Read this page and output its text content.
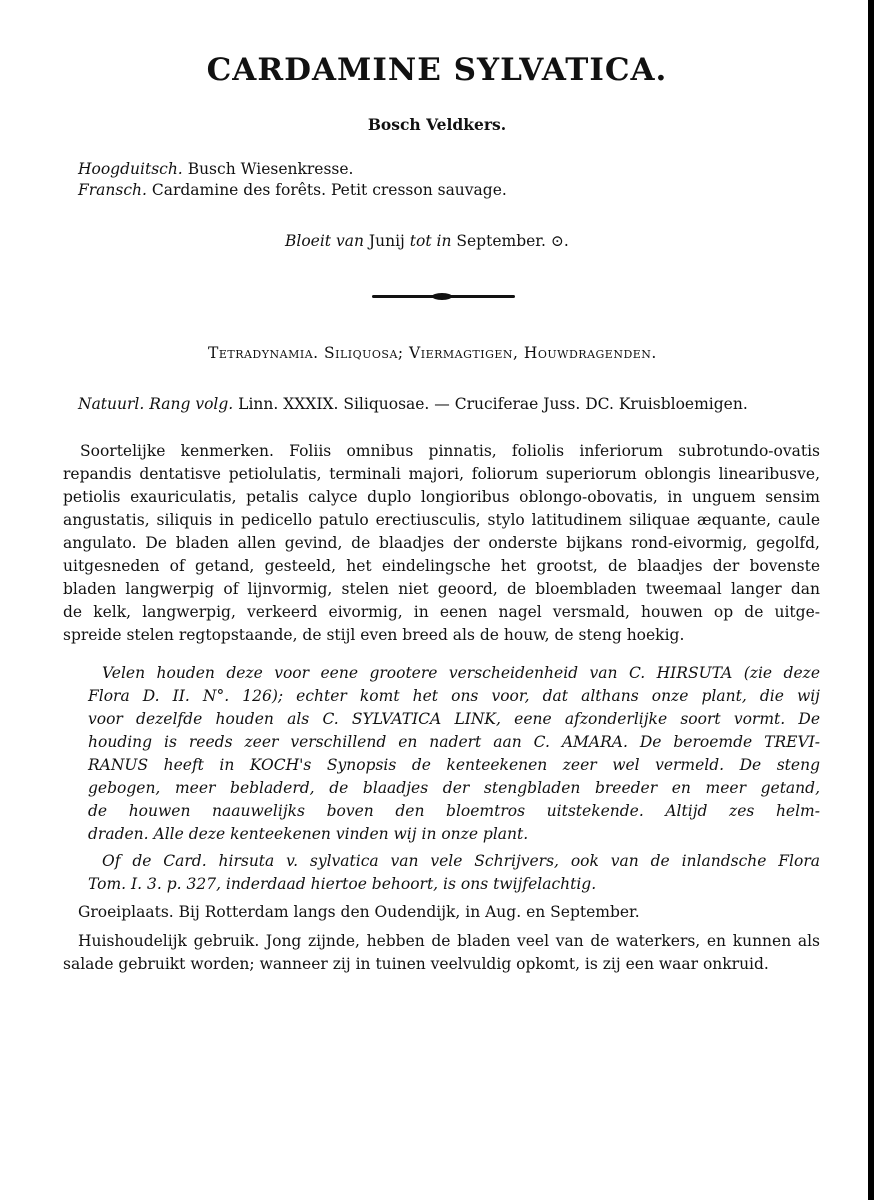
CARDAMINE SYLVATICA.
Bosch Veldkers.
Hoogduitsch. Busch Wiesenkresse.
Fransch. Cardamine des forêts. Petit cresson sauvage.
Bloeit van Junij tot in September. ⊙.
Tetradynamia. Siliquosa; Viermagtigen, Houwdragenden.
Natuurl. Rang volg. Linn. XXXIX. Siliquosae. — Cruciferae Juss. DC. Kruisbloemigen.
Soortelijke kenmerken. Foliis omnibus pinnatis, foliolis inferiorum subrotundo-ovatis
repandis dentatisve petiolulatis, terminali majori, foliorum superiorum oblongis linearibusve,
petiolis exauriculatis, petalis calyce duplo longioribus oblongo-obovatis, in unguem sensim
angustatis, siliquis in pedicello patulo erectiusculis, stylo latitudinem siliquae æquante, caule
angulato. De bladen allen gevind, de blaadjes der onderste bijkans rond-eivormig, gegolfd,
uitgesneden of getand, gesteeld, het eindelingsche het grootst, de blaadjes der bovenste
bladen langwerpig of lijnvormig, stelen niet geoord, de bloembladen tweemaal langer dan
de kelk, langwerpig, verkeerd eivormig, in eenen nagel versmald, houwen op de uitge-
spreide stelen regtopstaande, de stijl even breed als de houw, de steng hoekig.
Velen houden deze voor eene grootere verscheidenheid van C. HIRSUTA (zie deze
Flora D. II. N°. 126); echter komt het ons voor, dat althans onze plant, die wij
voor dezelfde houden als C. SYLVATICA LINK, eene afzonderlijke soort vormt. De
houding is reeds zeer verschillend en nadert aan C. AMARA. De beroemde TREVI-
RANUS heeft in KOCH's Synopsis de kenteekenen zeer wel vermeld. De steng
gebogen, meer bebladerd, de blaadjes der stengbladen breeder en meer getand,
de houwen naauwelijks boven den bloemtros uitstekende. Altijd zes helm-
draden. Alle deze kenteekenen vinden wij in onze plant.
Of de Card. hirsuta v. sylvatica van vele Schrijvers, ook van de inlandsche Flora
Tom. I. 3. p. 327, inderdaad hiertoe behoort, is ons twijfelachtig.
Groeiplaats. Bij Rotterdam langs den Oudendijk, in Aug. en September.
Huishoudelijk gebruik. Jong zijnde, hebben de bladen veel van de waterkers, en kunnen als
salade gebruikt worden; wanneer zij in tuinen veelvuldig opkomt, is zij een waar onkruid.
